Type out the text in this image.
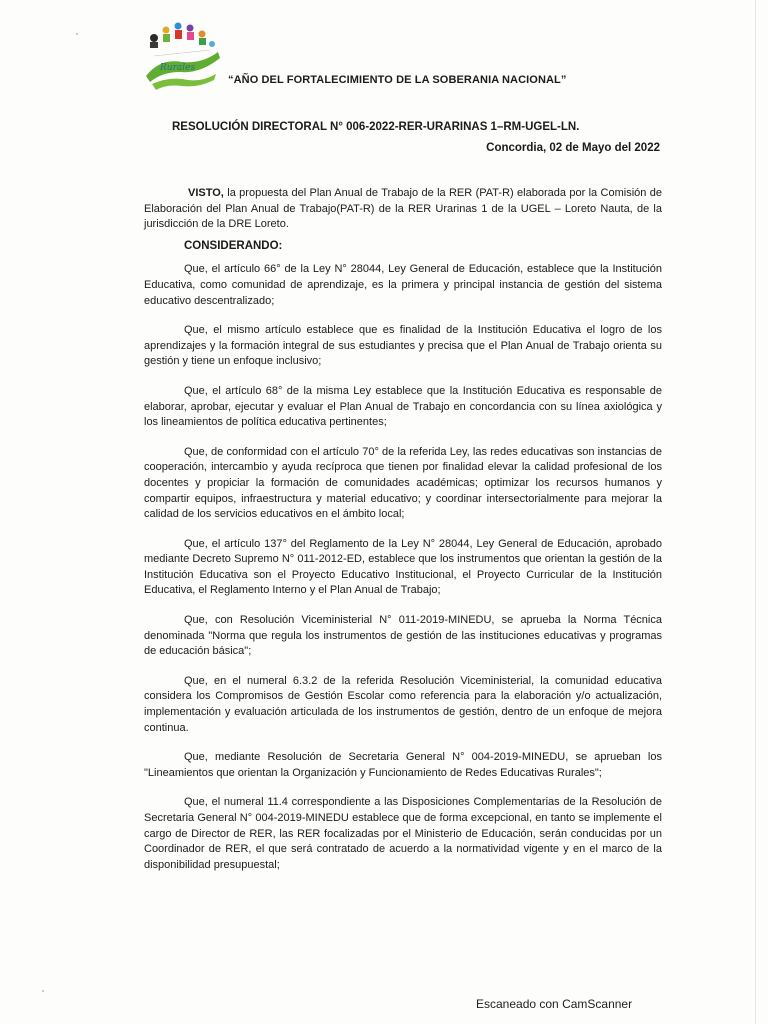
Rurales
“AÑO DEL FORTALECIMIENTO DE LA SOBERANIA NACIONAL”
RESOLUCIÓN DIRECTORAL N° 006-2022-RER-URARINAS 1–RM-UGEL-LN.
Concordia, 02 de Mayo del 2022

VISTO, la propuesta del Plan Anual de Trabajo de la RER (PAT-R) elaborada por la Comisión de Elaboración del Plan Anual de Trabajo(PAT-R) de la RER Urarinas 1 de la UGEL – Loreto Nauta, de la jurisdicción de la DRE Loreto.

CONSIDERANDO:

Que, el artículo 66° de la Ley N° 28044, Ley General de Educación, establece que la Institución Educativa, como comunidad de aprendizaje, es la primera y principal instancia de gestión del sistema educativo descentralizado;

Que, el mismo artículo establece que es finalidad de la Institución Educativa el logro de los aprendizajes y la formación integral de sus estudiantes y precisa que el Plan Anual de Trabajo orienta su gestión y tiene un enfoque inclusivo;

Que, el artículo 68° de la misma Ley establece que la Institución Educativa es responsable de elaborar, aprobar, ejecutar y evaluar el Plan Anual de Trabajo en concordancia con su línea axiológica y los lineamientos de política educativa pertinentes;

Que, de conformidad con el artículo 70° de la referida Ley, las redes educativas son instancias de cooperación, intercambio y ayuda recíproca que tienen por finalidad elevar la calidad profesional de los docentes y propiciar la formación de comunidades académicas; optimizar los recursos humanos y compartir equipos, infraestructura y material educativo; y coordinar intersectorialmente para mejorar la calidad de los servicios educativos en el ámbito local;

Que, el artículo 137° del Reglamento de la Ley N° 28044, Ley General de Educación, aprobado mediante Decreto Supremo N° 011-2012-ED, establece que los instrumentos que orientan la gestión de la Institución Educativa son el Proyecto Educativo Institucional, el Proyecto Curricular de la Institución Educativa, el Reglamento Interno y el Plan Anual de Trabajo;

Que, con Resolución Viceministerial N° 011-2019-MINEDU, se aprueba la Norma Técnica denominada "Norma que regula los instrumentos de gestión de las instituciones educativas y programas de educación básica";

Que, en el numeral 6.3.2 de la referida Resolución Viceministerial, la comunidad educativa considera los Compromisos de Gestión Escolar como referencia para la elaboración y/o actualización, implementación y evaluación articulada de los instrumentos de gestión, dentro de un enfoque de mejora continua.

Que, mediante Resolución de Secretaria General N° 004-2019-MINEDU, se aprueban los "Lineamientos que orientan la Organización y Funcionamiento de Redes Educativas Rurales";

Que, el numeral 11.4 correspondiente a las Disposiciones Complementarias de la Resolución de Secretaria General N° 004-2019-MINEDU establece que de forma excepcional, en tanto se implemente el cargo de Director de RER, las RER focalizadas por el Ministerio de Educación, serán conducidas por un Coordinador de RER, el que será contratado de acuerdo a la normatividad vigente y en el marco de la disponibilidad presupuestal;

Escaneado con CamScanner
